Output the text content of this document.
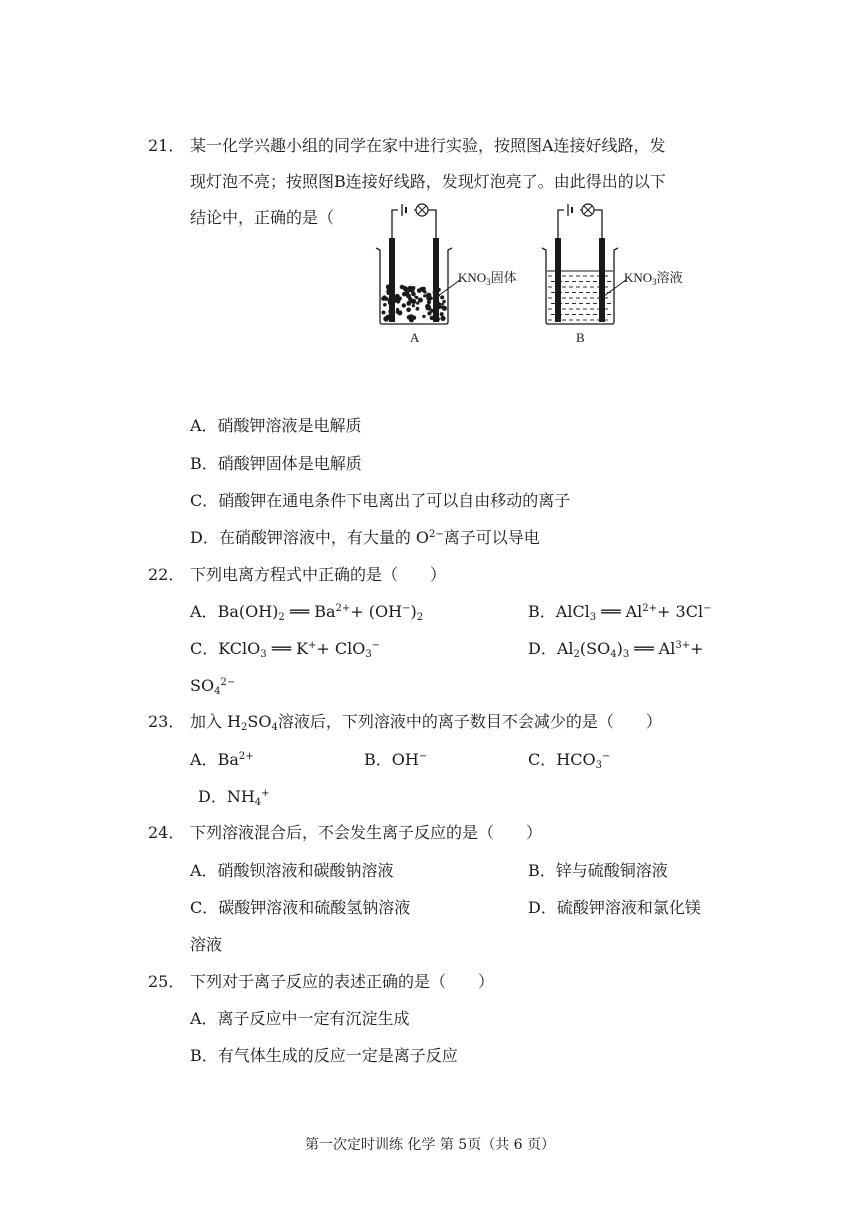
21． 某一化学兴趣小组的同学在家中进行实验，按照图A连接好线路，发
现灯泡不亮；按照图B连接好线路，发现灯泡亮了。由此得出的以下
结论中，正确的是（
$KNO_3$固体
A
$KNO_3$溶液
B
A．硝酸钾溶液是电解质
B．硝酸钾固体是电解质
C．硝酸钾在通电条件下电离出了可以自由移动的离子
D．在硝酸钾溶液中，有大量的 $O^{2-}$离子可以导电
22． 下列电离方程式中正确的是（　　）
A．$Ba(OH)_2$ ══ $Ba^{2+}+ (OH^-)_2$	B．AlCl$_3$ ══ $Al^{2+}+ 3Cl^-$
C．KClO$_3$ ══ K++ ClO$_3$−	D．$Al_2(SO_4)_3$ ══ $Al^{3+}+$
$SO_4^{2-}$
23． 加入 $H_2SO_4$溶液后，下列溶液中的离子数目不会减少的是（　　）
A．$Ba^{2+}$	B．OH−	C．$HCO_3^-$
D．$NH_4^+$
24． 下列溶液混合后，不会发生离子反应的是（　　）
A．硝酸钡溶液和碳酸钠溶液	B．锌与硫酸铜溶液
C．碳酸钾溶液和硫酸氢钠溶液	D．硫酸钾溶液和氯化镁
溶液
25． 下列对于离子反应的表述正确的是（　　）
A．离子反应中一定有沉淀生成
B．有气体生成的反应一定是离子反应
第一次定时训练 化学 第 5页（共 6 页）
